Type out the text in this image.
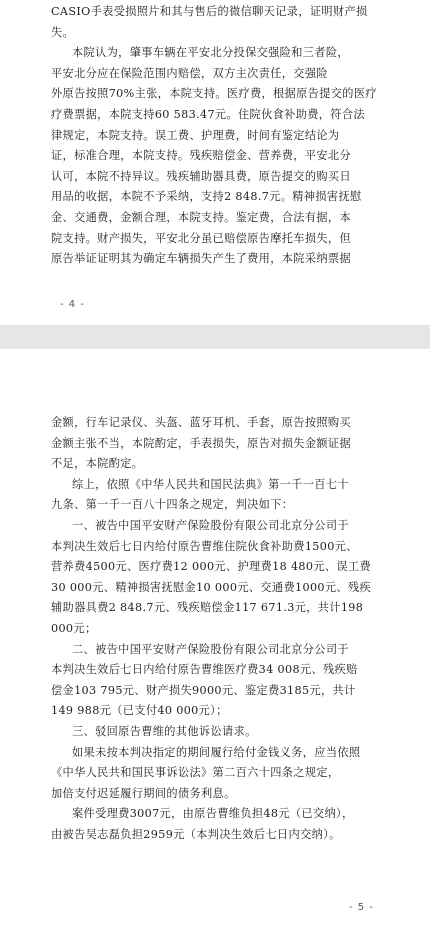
CASIO手表受损照片和其与售后的微信聊天记录，证明财产损
失。
本院认为，肇事车辆在平安北分投保交强险和三者险，
平安北分应在保险范围内赔偿，双方主次责任，交强险
外原告按照70%主张，本院支持。医疗费，根据原告提交的医疗
疗费票据，本院支持60 583.47元。住院伙食补助费，符合法
律规定，本院支持。误工费、护理费，时间有鉴定结论为
证，标准合理，本院支持。残疾赔偿金、营养费，平安北分
认可，本院不持异议。残疾辅助器具费，原告提交的购买日
用品的收据，本院不予采纳，支持2 848.7元。精神损害抚慰
金、交通费，金额合理，本院支持。鉴定费，合法有据，本
院支持。财产损失，平安北分虽已赔偿原告摩托车损失，但
原告举证证明其为确定车辆损失产生了费用，本院采纳票据
- 4 -
金额，行车记录仪、头盔、蓝牙耳机、手套，原告按照购买
金额主张不当，本院酌定，手表损失，原告对损失金额证据
不足，本院酌定。
综上，依照《中华人民共和国民法典》第一千一百七十
九条、第一千一百八十四条之规定，判决如下：
一、被告中国平安财产保险股份有限公司北京分公司于
本判决生效后七日内给付原告曹维住院伙食补助费1500元、
营养费4500元、医疗费12 000元、护理费18 480元、误工费
30 000元、精神损害抚慰金10 000元、交通费1000元、残疾
辅助器具费2 848.7元、残疾赔偿金117 671.3元，共计198
000元；
二、被告中国平安财产保险股份有限公司北京分公司于
本判决生效后七日内给付原告曹维医疗费34 008元、残疾赔
偿金103 795元、财产损失9000元、鉴定费3185元，共计
149 988元（已支付40 000元）；
三、驳回原告曹维的其他诉讼请求。
如果未按本判决指定的期间履行给付金钱义务，应当依照
《中华人民共和国民事诉讼法》第二百六十四条之规定，
加倍支付迟延履行期间的债务利息。
案件受理费3007元，由原告曹维负担48元（已交纳），
由被告吴志磊负担2959元（本判决生效后七日内交纳）。
- 5 -
